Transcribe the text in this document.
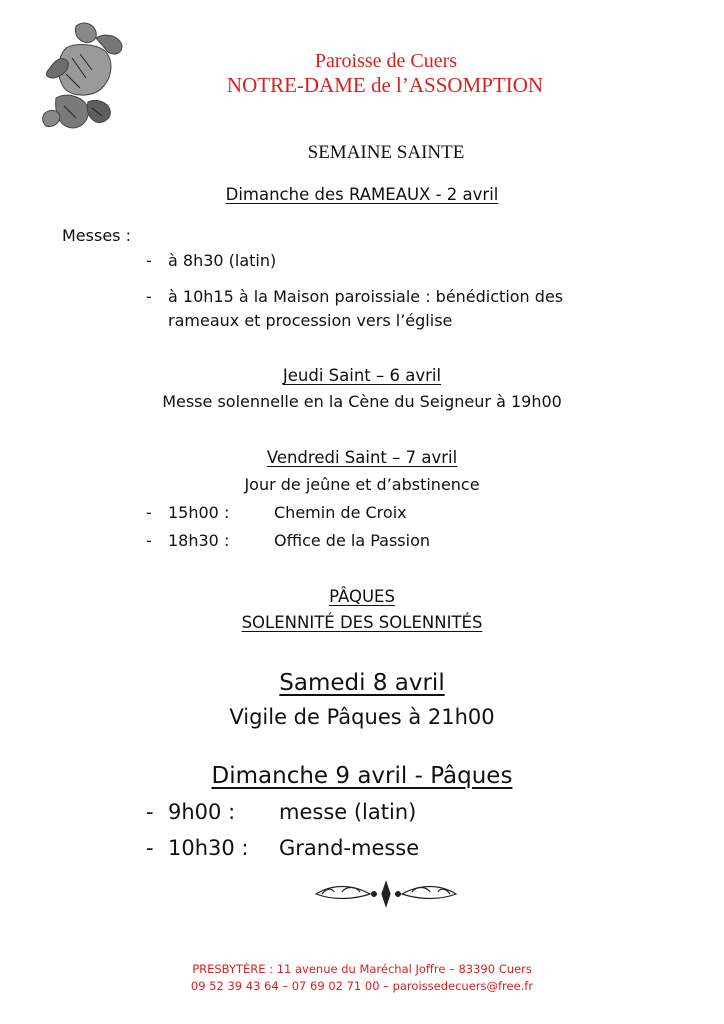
Paroisse de Cuers
NOTRE-DAME de l’ASSOMPTION
SEMAINE SAINTE
Dimanche des RAMEAUX - 2 avril
Messes :
- à 8h30 (latin)
- à 10h15 à la Maison paroissiale : bénédiction des
rameaux et procession vers l’église
Jeudi Saint – 6 avril
Messe solennelle en la Cène du Seigneur à 19h00
Vendredi Saint – 7 avril
Jour de jeûne et d’abstinence
- 15h00 :	Chemin de Croix
- 18h30 :	Office de la Passion
PÂQUES
SOLENNITÉ DES SOLENNITÉS
Samedi 8 avril
Vigile de Pâques à 21h00
Dimanche 9 avril - Pâques
- 9h00 : messe (latin)
- 10h30 : Grand-messe
PRESBYTÈRE : 11 avenue du Maréchal Joffre – 83390 Cuers
09 52 39 43 64 – 07 69 02 71 00 – paroissedecuers@free.fr
